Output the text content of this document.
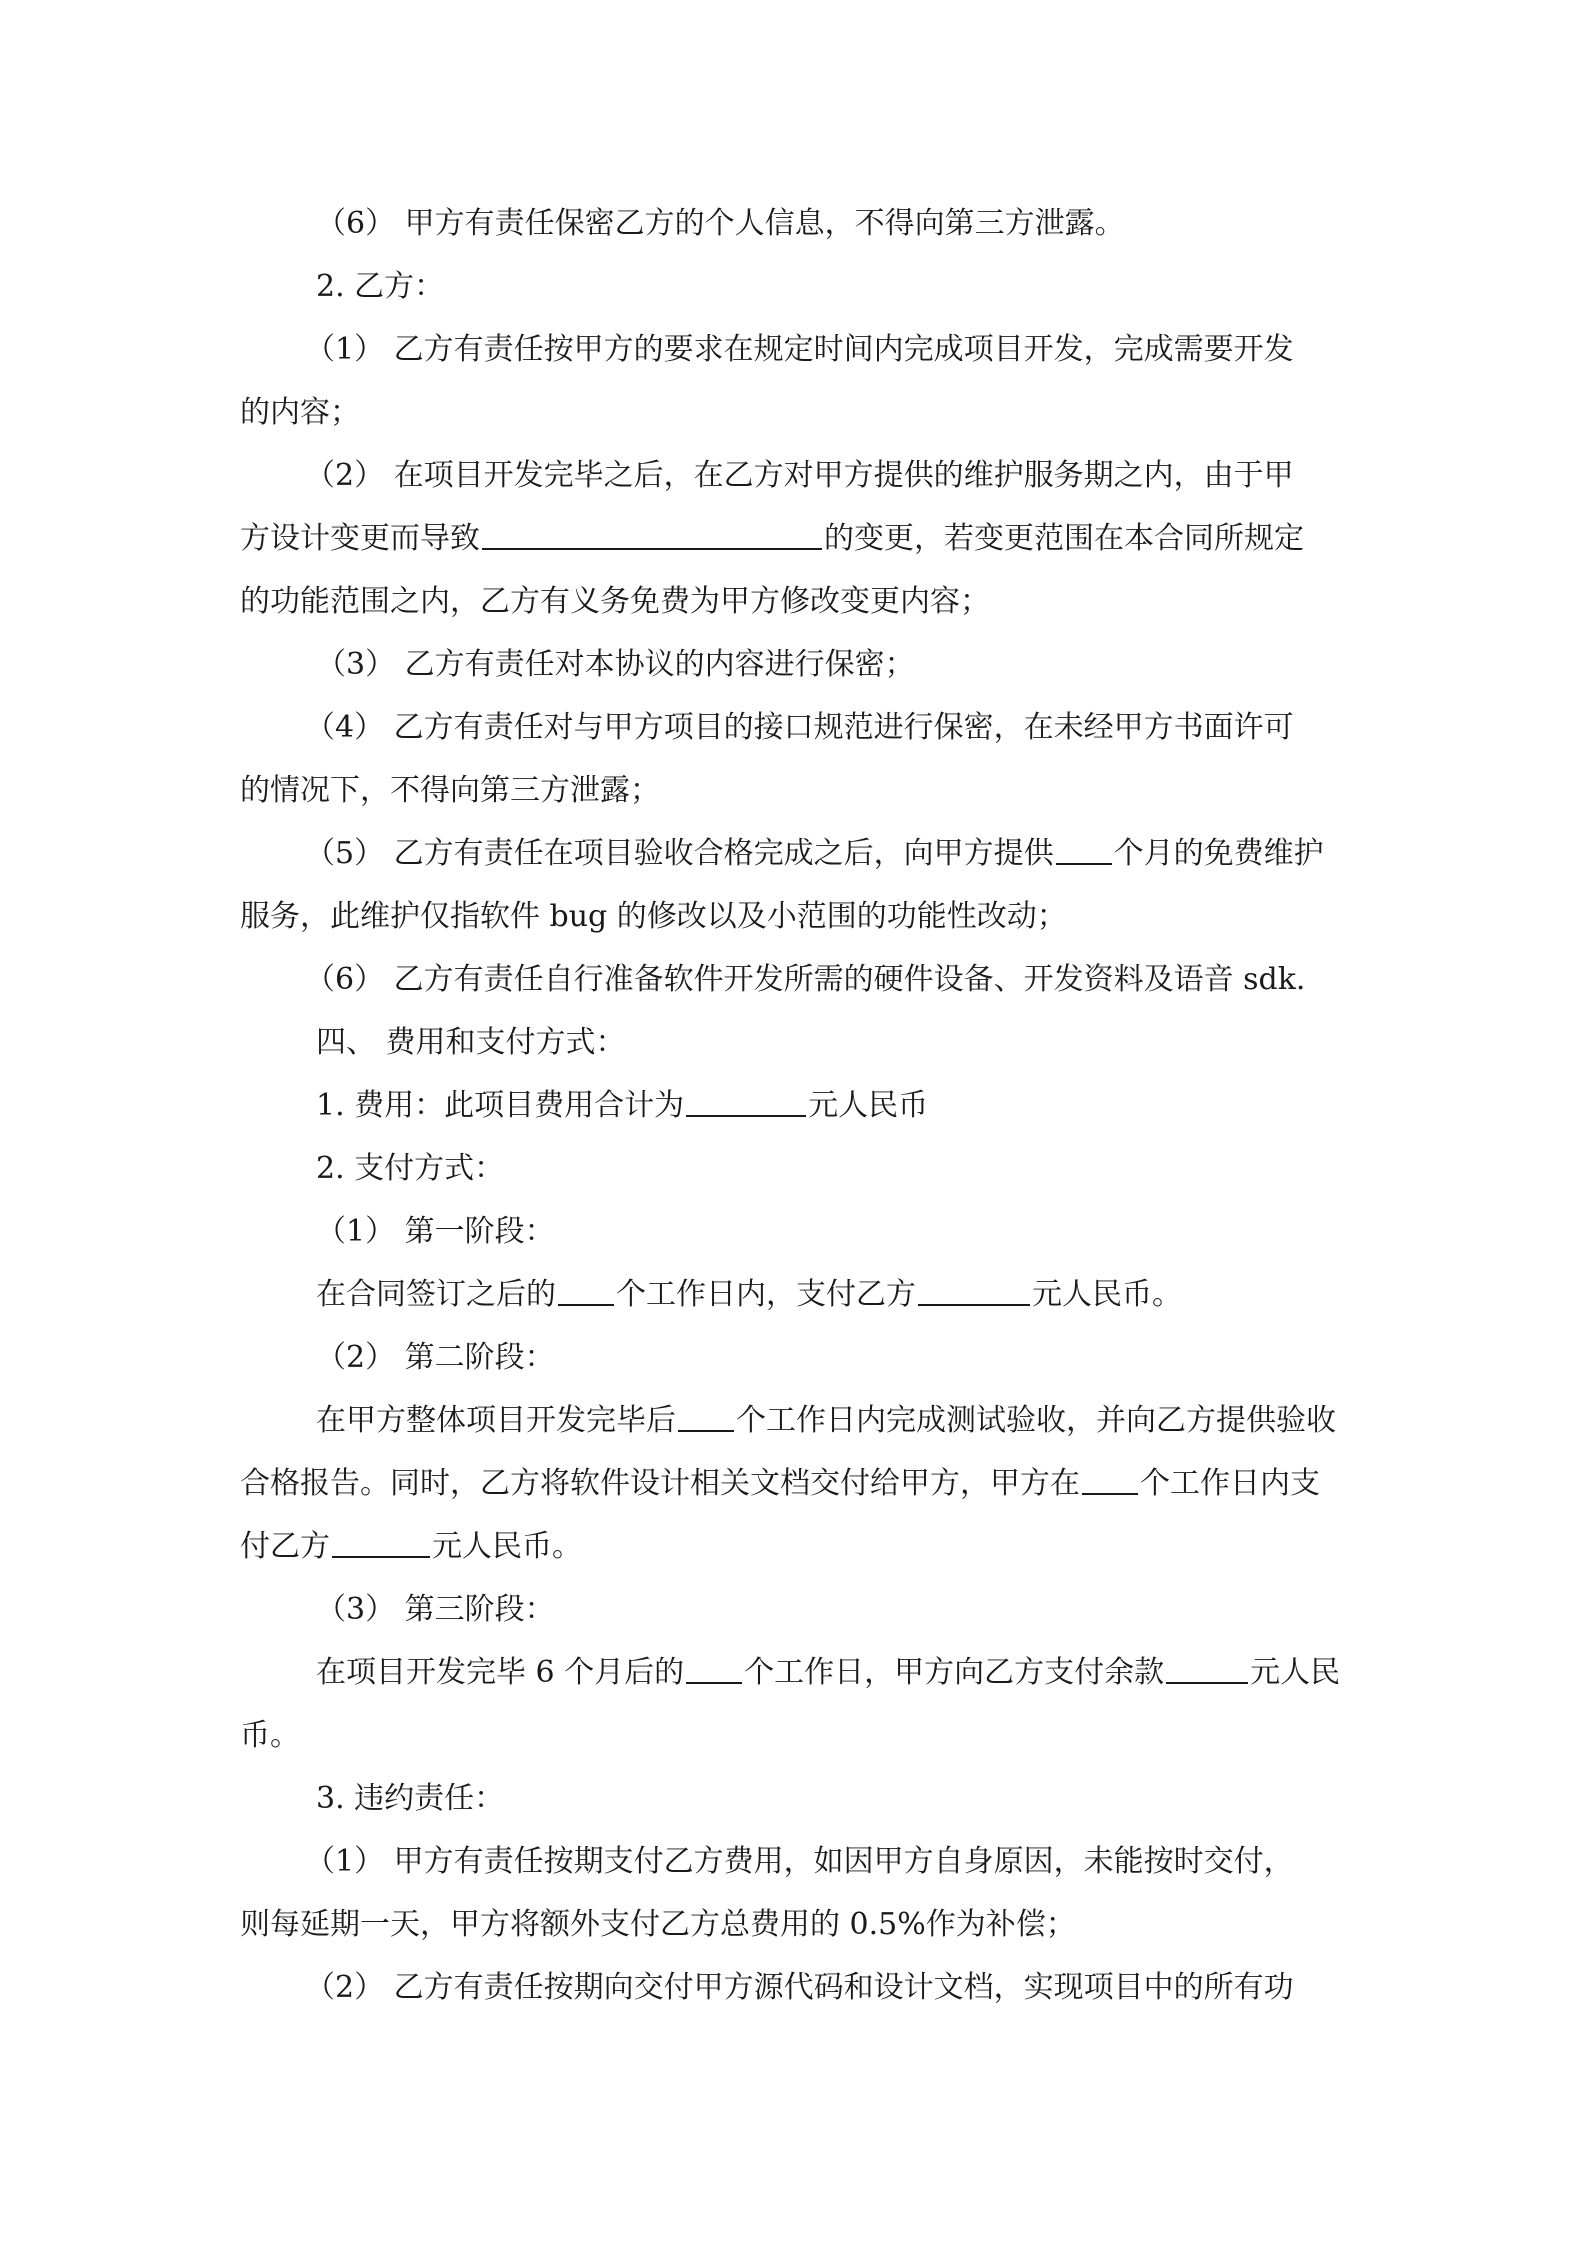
（6） 甲方有责任保密乙方的个人信息，不得向第三方泄露。
2. 乙方：
（1） 乙方有责任按甲方的要求在规定时间内完成项目开发，完成需要开发
的内容；
（2） 在项目开发完毕之后，在乙方对甲方提供的维护服务期之内，由于甲
方设计变更而导致	的变更，若变更范围在本合同所规定
的功能范围之内，乙方有义务免费为甲方修改变更内容；
（3） 乙方有责任对本协议的内容进行保密；
（4） 乙方有责任对与甲方项目的接口规范进行保密，在未经甲方书面许可
的情况下，不得向第三方泄露；
（5） 乙方有责任在项目验收合格完成之后，向甲方提供 个月的免费维护
服务，此维护仅指软件 bug 的修改以及小范围的功能性改动；
（6） 乙方有责任自行准备软件开发所需的硬件设备、开发资料及语音 sdk.
四、 费用和支付方式：
1. 费用：此项目费用合计为	元人民币
2. 支付方式：
（1） 第一阶段：
在合同签订之后的 个工作日内，支付乙方	元人民币。
（2） 第二阶段：
在甲方整体项目开发完毕后 个工作日内完成测试验收，并向乙方提供验收
合格报告。同时，乙方将软件设计相关文档交付给甲方，甲方在 个工作日内支
付乙方	元人民币。
（3） 第三阶段：
在项目开发完毕 6 个月后的 个工作日，甲方向乙方支付余款	元人民
币。
3. 违约责任：
（1） 甲方有责任按期支付乙方费用，如因甲方自身原因，未能按时交付，
则每延期一天，甲方将额外支付乙方总费用的 0.5%作为补偿；
（2） 乙方有责任按期向交付甲方源代码和设计文档，实现项目中的所有功
